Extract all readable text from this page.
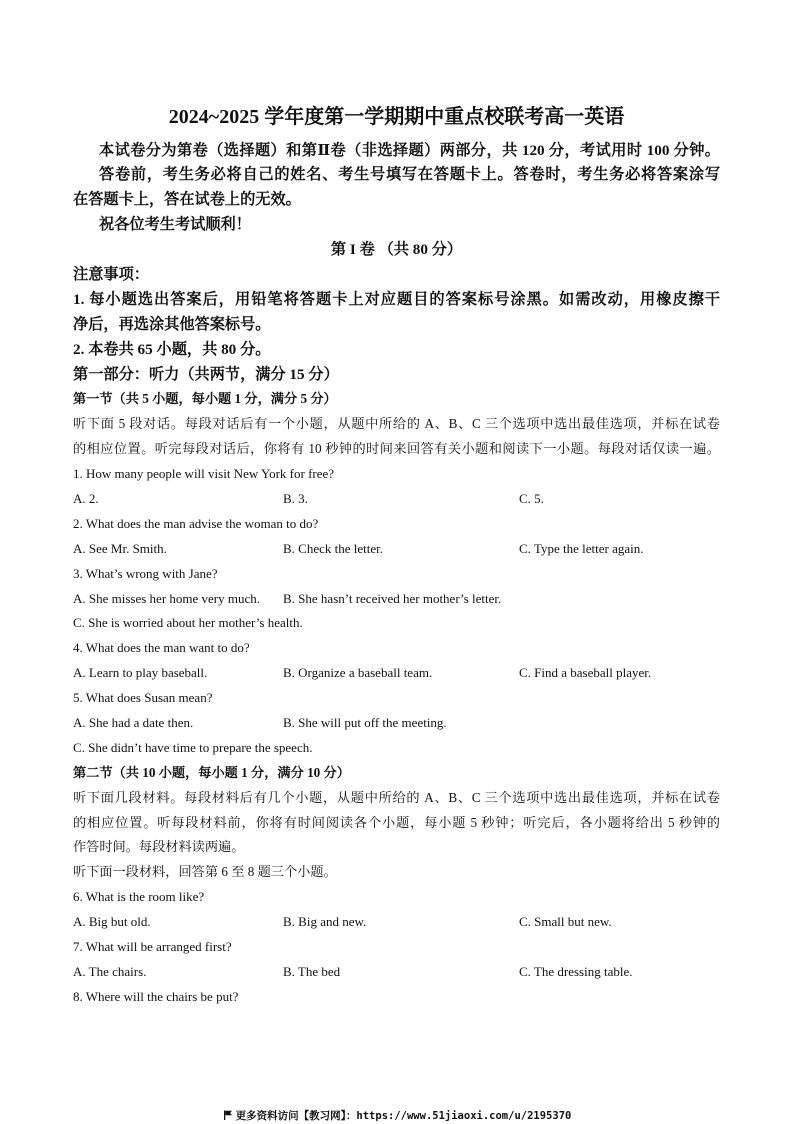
2024~2025 学年度第一学期期中重点校联考高一英语
本试卷分为第卷（选择题）和第Ⅱ卷（非选择题）两部分，共 120 分，考试用时 100 分钟。
答卷前，考生务必将自己的姓名、考生号填写在答题卡上。答卷时，考生务必将答案涂写
在答题卡上，答在试卷上的无效。
祝各位考生考试顺利！
第 I 卷 （共 80 分）
注意事项：
1. 每小题选出答案后，用铅笔将答题卡上对应题目的答案标号涂黑。如需改动，用橡皮擦干
净后，再选涂其他答案标号。
2. 本卷共 65 小题，共 80 分。
第一部分：听力（共两节，满分 15 分）
第一节（共 5 小题，每小题 1 分，满分 5 分）
听下面 5 段对话。每段对话后有一个小题，从题中所给的 A、B、C 三个选项中选出最佳选项，并标在试卷
的相应位置。听完每段对话后，你将有 10 秒钟的时间来回答有关小题和阅读下一小题。每段对话仅读一遍。
1. How many people will visit New York for free?
A. 2.	B. 3.	C. 5.
2. What does the man advise the woman to do?
A. See Mr. Smith.	B. Check the letter.	C. Type the letter again.
3. What’s wrong with Jane?
A. She misses her home very much. B. She hasn’t received her mother’s letter.
C. She is worried about her mother’s health.
4. What does the man want to do?
A. Learn to play baseball.	B. Organize a baseball team.	C. Find a baseball player.
5. What does Susan mean?
A. She had a date then.	B. She will put off the meeting.
C. She didn’t have time to prepare the speech.
第二节（共 10 小题，每小题 1 分，满分 10 分）
听下面几段材料。每段材料后有几个小题，从题中所给的 A、B、C 三个选项中选出最佳选项，并标在试卷
的相应位置。听每段材料前，你将有时间阅读各个小题，每小题 5 秒钟；听完后，各小题将给出 5 秒钟的
作答时间。每段材料读两遍。
听下面一段材料，回答第 6 至 8 题三个小题。
6. What is the room like?
A. Big but old.	B. Big and new.	C. Small but new.
7. What will be arranged first?
A. The chairs.	B. The bed	C. The dressing table.
8. Where will the chairs be put?
更多资料访问【教习网】：https://www.51jiaoxi.com/u/2195370
